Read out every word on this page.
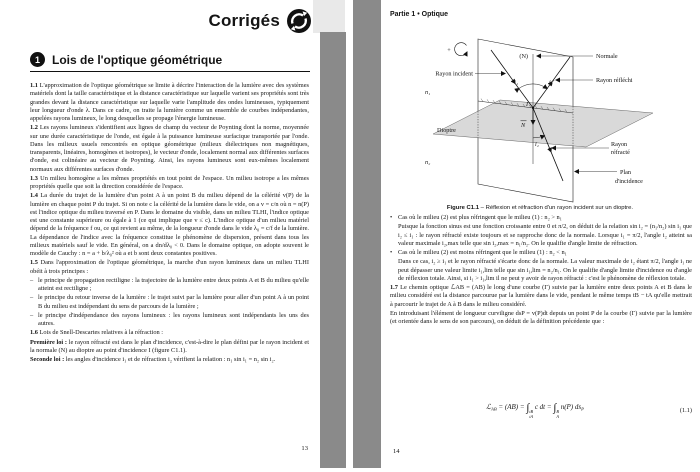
Corrigés
1	Lois de l'optique géométrique

1.1 L'approximation de l'optique géométrique se limite à décrire l'interaction de la lumière avec des systèmes matériels dont la taille caractéristique et la distance caractéristique sur laquelle varient ses propriétés sont très grandes devant la distance caractéristique sur laquelle varie l'amplitude des ondes lumineuses, typiquement leur longueur d'onde λ. Dans ce cadre, on traite la lumière comme un ensemble de courbes indépendantes, appelées rayons lumineux, le long desquelles se propage l'énergie lumineuse.

1.2 Les rayons lumineux s'identifient aux lignes de champ du vecteur de Poynting dont la norme, moyennée sur une durée caractéristique de l'onde, est égale à la puissance lumineuse surfacique transportée par l'onde. Dans les milieux usuels rencontrés en optique géométrique (milieux diélectriques non magnétiques, transparents, linéaires, homogènes et isotropes), le vecteur d'onde, localement normal aux différentes surfaces d'onde, est colinéaire au vecteur de Poynting. Ainsi, les rayons lumineux sont eux-mêmes localement normaux aux différentes surfaces d'onde.

1.3 Un milieu homogène a les mêmes propriétés en tout point de l'espace. Un milieu isotrope a les mêmes propriétés quelle que soit la direction considérée de l'espace.

1.4 La durée du trajet de la lumière d'un point A à un point B du milieu dépend de la célérité v(P) de la lumière en chaque point P du trajet. Si on note c la célérité de la lumière dans le vide, on a v = c/n où n = n(P) est l'indice optique du milieu traversé en P. Dans le domaine du visible, dans un milieu TLHI, l'indice optique est une constante supérieure ou égale à 1 (ce qui implique que v ≤ c). L'indice optique d'un milieu matériel dépend de la fréquence f ou, ce qui revient au même, de la longueur d'onde dans le vide λ₀ = c/f de la lumière. La dépendance de l'indice avec la fréquence constitue le phénomène de dispersion, présent dans tous les milieux matériels sauf le vide. En général, on a dn/dλ₀ < 0. Dans le domaine optique, on adopte souvent le modèle de Cauchy : n = a + b/λ₀² où a et b sont deux constantes positives.

1.5 Dans l'approximation de l'optique géométrique, la marche d'un rayon lumineux dans un milieu TLHI obéit à trois principes :

– le principe de propagation rectiligne : la trajectoire de la lumière entre deux points A et B du milieu qu'elle atteint est rectiligne ;

– le principe du retour inverse de la lumière : le trajet suivi par la lumière pour aller d'un point A à un point B du milieu est indépendant du sens de parcours de la lumière ;

– le principe d'indépendance des rayons lumineux : les rayons lumineux sont indépendants les uns des autres.

1.6 Lois de Snell-Descartes relatives à la réfraction :

Première loi : le rayon réfracté est dans le plan d'incidence, c'est-à-dire le plan défini par le rayon incident et la normale (N) au dioptre au point d'incidence I (figure C1.1).

Seconde loi : les angles d'incidence i₁ et de réfraction i₂ vérifient la relation : n₁ sin i₁ = n₂ sin i₂.

13
Partie 1 • Optique
+
Rayon incident
Normale
Rayon réfléchi
Rayon
réfracté
Plan
d'incidence
Dioptre
n₁
n₂
(N)
I
N
i₁	i₁′
i₂
Figure C1.1 – Réflexion et réfraction d'un rayon incident sur un dioptre.
• Cas où le milieu (2) est plus réfringent que le milieu (1) : n₂ > n₁

Puisque la fonction sinus est une fonction croissante entre 0 et π/2, on déduit de la relation sin i₂ = (n₁/n₂) sin i₁ que i₂ ≤ i₁ : le rayon réfracté existe toujours et se rapproche donc de la normale. Lorsque i₁ = π/2, l'angle i₂ atteint sa valeur maximale i₂,max telle que sin i₂,max = n₁/n₂. On le qualifie d'angle limite de réfraction.

• Cas où le milieu (2) est moins réfringent que le milieu (1) : n₂ < n₁

Dans ce cas, i₂ ≥ i₁ et le rayon réfracté s'écarte donc de la normale. La valeur maximale de i₂ étant π/2, l'angle i₁ ne peut dépasser une valeur limite i₁,lim telle que sin i₁,lim = n₂/n₁. On le qualifie d'angle limite d'incidence ou d'angle de réflexion totale. Ainsi, si i₁ > i₁,lim il ne peut y avoir de rayon réfracté : c'est le phénomène de réflexion totale.

1.7 Le chemin optique ℒAB = (AB) le long d'une courbe (Γ) suivie par la lumière entre deux points A et B dans le milieu considéré est la distance parcourue par la lumière dans le vide, pendant le même temps tB − tA qu'elle mettrait à parcourir le trajet de A à B dans le milieu considéré.

En introduisant l'élément de longueur curviligne dsP = v(P)dt depuis un point P de la courbe (Γ) suivie par la lumière (et orientée dans le sens de son parcours), on déduit de la définition précédente que :

ℒ$_{AB}$ = (AB) = ∫ tB
tA
c dt = ∫ B
A
n(P) $ds_P$	(1.1)
14
